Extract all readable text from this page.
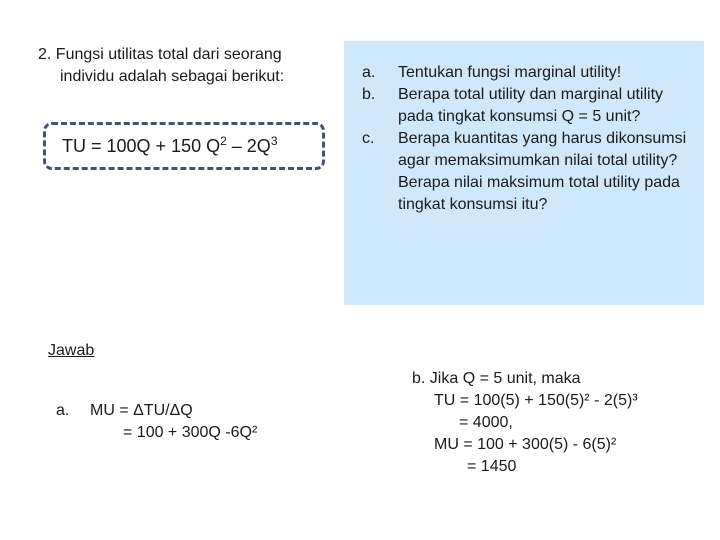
2. Fungsi utilitas total dari seorang
individu adalah sebagai berikut:
TU = 100Q + 150 $Q^2 - 2Q^3$
a.	Tentukan fungsi marginal utility!
b.	Berapa total utility dan marginal utility pada tingkat konsumsi Q = 5 unit?
c.	Berapa kuantitas yang harus dikonsumsi agar memaksimumkan nilai total utility? Berapa nilai maksimum total utility pada tingkat konsumsi itu?
Jawab
a.	MU = ΔTU/ΔQ
= 100 + 300Q -6Q²
b. Jika Q = 5 unit, maka
TU = 100(5) + 150(5)² - 2(5)³
= 4000,
MU = 100 + 300(5) - 6(5)²
= 1450
